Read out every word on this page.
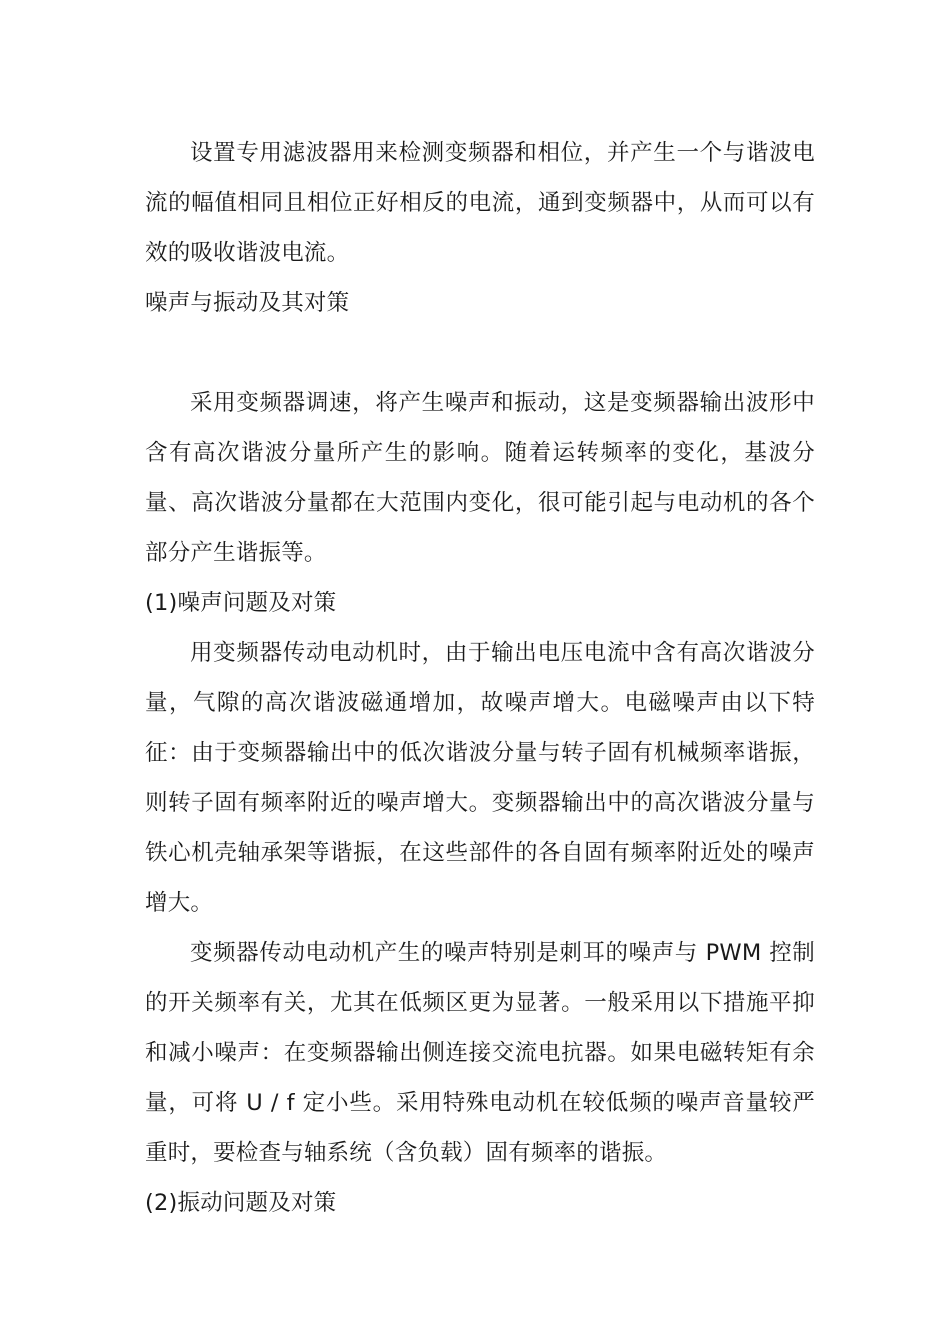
设置专用滤波器用来检测变频器和相位，并产生一个与谐波电流的幅值相同且相位正好相反的电流，通到变频器中，从而可以有效的吸收谐波电流。

噪声与振动及其对策

采用变频器调速，将产生噪声和振动，这是变频器输出波形中含有高次谐波分量所产生的影响。随着运转频率的变化，基波分量、高次谐波分量都在大范围内变化，很可能引起与电动机的各个部分产生谐振等。

(1)噪声问题及对策

用变频器传动电动机时，由于输出电压电流中含有高次谐波分量，气隙的高次谐波磁通增加，故噪声增大。电磁噪声由以下特征：由于变频器输出中的低次谐波分量与转子固有机械频率谐振，则转子固有频率附近的噪声增大。变频器输出中的高次谐波分量与铁心机壳轴承架等谐振，在这些部件的各自固有频率附近处的噪声增大。

变频器传动电动机产生的噪声特别是刺耳的噪声与 PWM 控制的开关频率有关，尤其在低频区更为显著。一般采用以下措施平抑和减小噪声：在变频器输出侧连接交流电抗器。如果电磁转矩有余量，可将 U / f 定小些。采用特殊电动机在较低频的噪声音量较严重时，要检查与轴系统（含负载）固有频率的谐振。

(2)振动问题及对策
